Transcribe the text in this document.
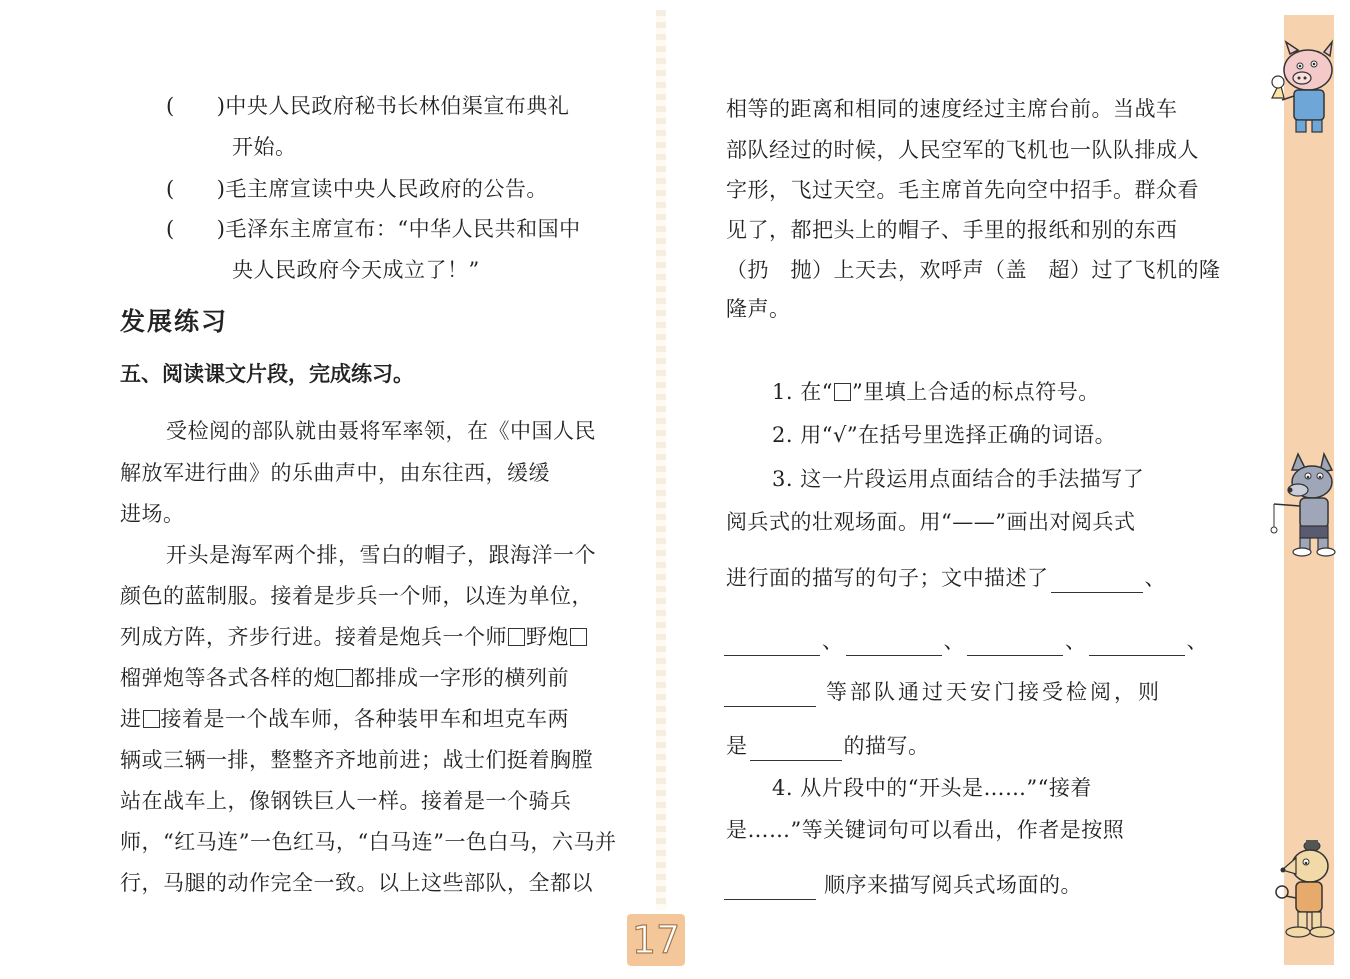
( )中央人民政府秘书长林伯渠宣布典礼
开始。
( )毛主席宣读中央人民政府的公告。
( )毛泽东主席宣布：“中华人民共和国中
央人民政府今天成立了！”
发展练习
五、阅读课文片段，完成练习。
受检阅的部队就由聂将军率领，在《中国人民
解放军进行曲》的乐曲声中，由东往西，缓缓
进场。
开头是海军两个排，雪白的帽子，跟海洋一个
颜色的蓝制服。接着是步兵一个师，以连为单位，
列成方阵，齐步行进。接着是炮兵一个师 野炮
榴弹炮等各式各样的炮 都排成一字形的横列前
进 接着是一个战车师，各种装甲车和坦克车两
辆或三辆一排，整整齐齐地前进；战士们挺着胸膛
站在战车上，像钢铁巨人一样。接着是一个骑兵
师，“红马连”一色红马，“白马连”一色白马，六马并
行，马腿的动作完全一致。以上这些部队，全都以
17
相等的距离和相同的速度经过主席台前。当战车
部队经过的时候，人民空军的飞机也一队队排成人
字形，飞过天空。毛主席首先向空中招手。群众看
见了，都把头上的帽子、手里的报纸和别的东西
（扔　抛）上天去，欢呼声（盖　超）过了飞机的隆
隆声。
1. 在“ ”里填上合适的标点符号。
2. 用“√”在括号里选择正确的词语。
3. 这一片段运用点面结合的手法描写了
阅兵式的壮观场面。用“——”画出对阅兵式
进行面的描写的句子；文中描述了	、
、	、	、	、
等部队通过天安门接受检阅，则
是	的描写。
4. 从片段中的“开头是……”“接着
是……”等关键词句可以看出，作者是按照
顺序来描写阅兵式场面的。
